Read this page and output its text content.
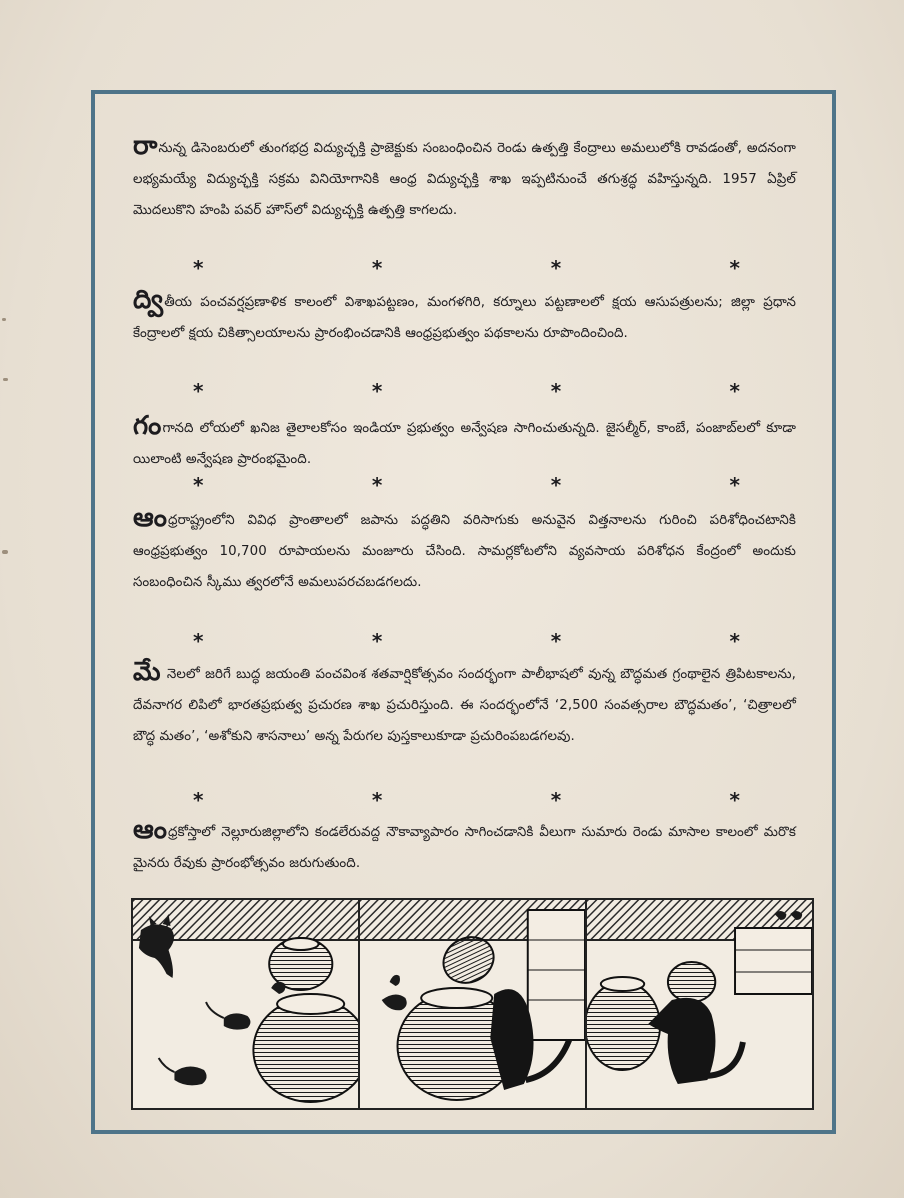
రానున్న డిసెంబరులో తుంగభద్ర విద్యుచ్ఛక్తి ప్రాజెక్టుకు సంబంధించిన రెండు ఉత్పత్తి కేంద్రాలు అమలులోకి రావడంతో, అదనంగా లభ్యమయ్యే విద్యుచ్ఛక్తి సక్రమ వినియోగానికి ఆంధ్ర విద్యుచ్ఛక్తి శాఖ ఇప్పటినుంచే తగుశ్రద్ధ వహిస్తున్నది. 1957 ఏప్రిల్ మొదలుకొని హంపి పవర్ హౌస్‌లో విద్యుచ్ఛక్తి ఉత్పత్తి కాగలదు.

*	*	*	*

ద్వితీయ పంచవర్షప్రణాళిక కాలంలో విశాఖపట్టణం, మంగళగిరి, కర్నూలు పట్టణాలలో క్షయ ఆసుపత్రులను; జిల్లా ప్రధాన కేంద్రాలలో క్షయ చికిత్సాలయాలను ప్రారంభించడానికి ఆంధ్రప్రభుత్వం పథకాలను రూపొందించింది.

*	*	*	*

గంగానది లోయలో ఖనిజ తైలాలకోసం ఇండియా ప్రభుత్వం అన్వేషణ సాగించుతున్నది. జైసల్మీర్, కాంబే, పంజాబ్‌లలో కూడా యిలాంటి అన్వేషణ ప్రారంభమైంది.

*	*	*	*

ఆంధ్రరాష్ట్రంలోని వివిధ ప్రాంతాలలో జపాను పద్ధతిని వరిసాగుకు అనువైన విత్తనాలను గురించి పరిశోధించటానికి ఆంధ్రప్రభుత్వం 10,700 రూపాయలను మంజూరు చేసింది. సామర్లకోటలోని వ్యవసాయ పరిశోధన కేంద్రంలో అందుకు సంబంధించిన స్కీము త్వరలోనే అమలుపరచబడగలదు.

*	*	*	*

మే నెలలో జరిగే బుద్ధ జయంతి పంచవింశ శతవార్షికోత్సవం సందర్భంగా పాలీభాషలో వున్న బౌద్ధమత గ్రంథాలైన త్రిపిటకాలను, దేవనాగర లిపిలో భారతప్రభుత్వ ప్రచురణ శాఖ ప్రచురిస్తుంది. ఈ సందర్భంలోనే ‘2,500 సంవత్సరాల బౌద్ధమతం’, ‘చిత్రాలలో బౌద్ధ మతం’, ‘అశోకుని శాసనాలు’ అన్న పేరుగల పుస్తకాలుకూడా ప్రచురింపబడగలవు.

*	*	*	*

ఆంధ్రకోస్తాలో నెల్లూరుజిల్లాలోని కండలేరువద్ద నౌకావ్యాపారం సాగించడానికి వీలుగా సుమారు రెండు మాసాల కాలంలో మరొక మైనరు రేవుకు ప్రారంభోత్సవం జరుగుతుంది.
